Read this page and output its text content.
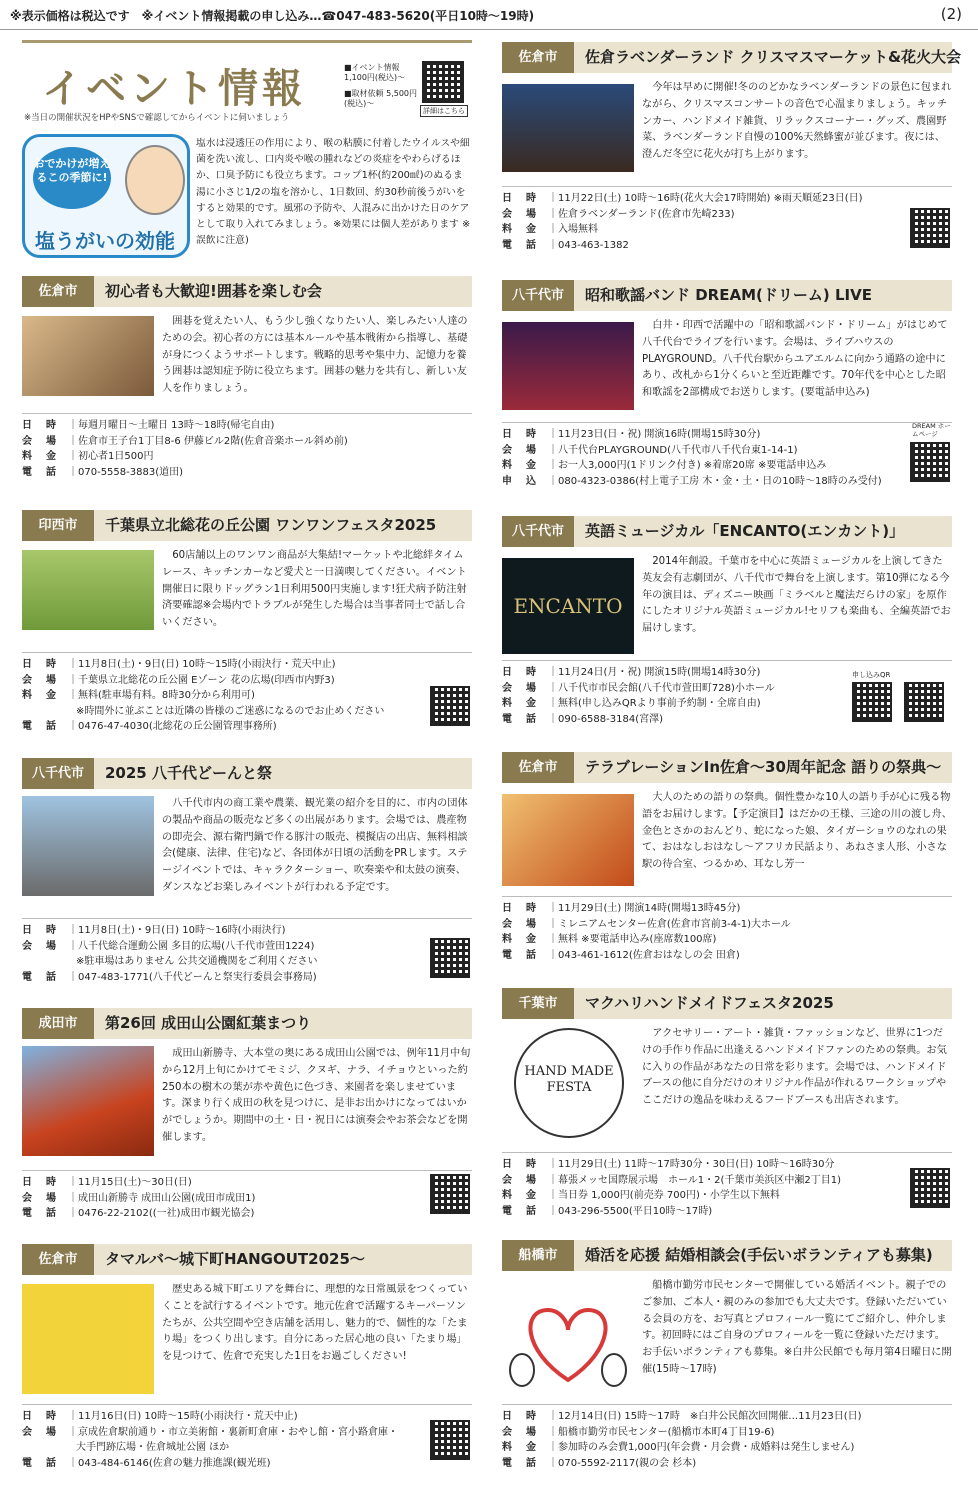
※表示価格は税込です　※イベント情報掲載の申し込み…☎047-483-5620(平日10時～19時)	(2)
イベント情報
※当日の開催状況をHPやSNSで確認してからイベントに伺いましょう
■イベント情報 1,100円(税込)～
■取材依頼 5,500円(税込)～
詳細はこちら
おでかけが増えるこの季節に!
塩うがいの効能
塩水は浸透圧の作用により、喉の粘膜に付着したウイルスや細菌を洗い流し、口内炎や喉の腫れなどの炎症をやわらげるほか、口臭予防にも役立ちます。コップ1杯(約200㎖)のぬるま湯に小さじ1/2の塩を溶かし、1日数回、約30秒前後うがいをすると効果的です。風邪の予防や、人混みに出かけた日のケアとして取り入れてみましょう。※効果には個人差があります ※誤飲に注意)
佐倉市	初心者も大歓迎!囲碁を楽しむ会
囲碁を覚えたい人、もう少し強くなりたい人、楽しみたい人達のための会。初心者の方には基本ルールや基本戦術から指導し、基礎が身につくようサポートします。戦略的思考や集中力、記憶力を養う囲碁は認知症予防に役立ちます。囲碁の魅力を共有し、新しい友人を作りましょう。
日　時 ｜毎週月曜日～土曜日 13時～18時(帰宅自由)
会　場 ｜佐倉市王子台1丁目8-6 伊藤ビル2階(佐倉音楽ホール斜め前)
料　金 ｜初心者1日500円
電　話 ｜070-5558-3883(道田)
印西市	千葉県立北総花の丘公園 ワンワンフェスタ2025
60店舗以上のワンワン商品が大集結!マーケットや北総絆タイムレース、キッチンカーなど愛犬と一日満喫してください。イベント開催日に限りドッグラン1日利用500円実施します!狂犬病予防注射済要確認※会場内でトラブルが発生した場合は当事者同士で話し合いください。
日　時 ｜11月8日(土)・9日(日) 10時～15時(小雨決行・荒天中止)
会　場 ｜千葉県立北総花の丘公園 Eゾーン 花の広場(印西市内野3)
料　金 ｜無料(駐車場有料。8時30分から利用可)
※時間外に並ぶことは近隣の皆様のご迷惑になるのでお止めください
電　話 ｜0476-47-4030(北総花の丘公園管理事務所)
八千代市	2025 八千代どーんと祭
八千代市内の商工業や農業、観光業の紹介を目的に、市内の団体の製品や商品の販売など多くの出展があります。会場では、農産物の即売会、源右衛門鍋で作る豚汁の販売、模擬店の出店、無料相談会(健康、法律、住宅)など、各団体が日頃の活動をPRします。ステージイベントでは、キャラクターショー、吹奏楽や和太鼓の演奏、ダンスなどお楽しみイベントが行われる予定です。
日　時 ｜11月8日(土)・9日(日) 10時～16時(小雨決行)
会　場 ｜八千代総合運動公園 多目的広場(八千代市萱田1224)
※駐車場はありません 公共交通機関をご利用ください
電　話 ｜047-483-1771(八千代どーんと祭実行委員会事務局)
成田市	第26回 成田山公園紅葉まつり
成田山新勝寺、大本堂の奥にある成田山公園では、例年11月中旬から12月上旬にかけてモミジ、クヌギ、ナラ、イチョウといった約250本の樹木の葉が赤や黄色に色づき、来園者を楽しませています。深まり行く成田の秋を見つけに、是非お出かけになってはいかがでしょうか。期間中の土・日・祝日には演奏会やお茶会などを開催します。
日　時 ｜11月15日(土)～30日(日)
会　場 ｜成田山新勝寺 成田山公園(成田市成田1)
電　話 ｜0476-22-2102((一社)成田市観光協会)
佐倉市	タマルバ～城下町HANGOUT2025～
歴史ある城下町エリアを舞台に、理想的な日常風景をつくっていくことを試行するイベントです。地元佐倉で活躍するキーパーソンたちが、公共空間や空き店舗を活用し、魅力的で、個性的な「たまり場」をつくり出します。自分にあった居心地の良い「たまり場」を見つけて、佐倉で充実した1日をお過ごしください!
日　時 ｜11月16日(日) 10時～15時(小雨決行・荒天中止)
会　場 ｜京成佐倉駅前通り・市立美術館・裏新町倉庫・おやし館・宮小路倉庫・
大手門跡広場・佐倉城址公園 ほか
電　話 ｜043-484-6146(佐倉の魅力推進課(観光班)
佐倉市	佐倉ラベンダーランド クリスマスマーケット&花火大会
今年は早めに開催!冬ののどかなラベンダーランドの景色に包まれながら、クリスマスコンサートの音色で心温まりましょう。キッチンカー、ハンドメイド雑貨、リラックスコーナー・グッズ、農園野菜、ラベンダーランド自慢の100%天然蜂蜜が並びます。夜には、澄んだ冬空に花火が打ち上がります。
日　時 ｜11月22日(土) 10時～16時(花火大会17時開始) ※雨天順延23日(日)
会　場 ｜佐倉ラベンダーランド(佐倉市先崎233)
料　金 ｜入場無料
電　話 ｜043-463-1382
八千代市	昭和歌謡バンド DREAM(ドリーム) LIVE
白井・印西で活躍中の「昭和歌謡バンド・ドリーム」がはじめて八千代台でライブを行います。会場は、ライブハウスのPLAYGROUND。八千代台駅からユアエルムに向かう通路の途中にあり、改札から1分くらいと至近距離です。70年代を中心とした昭和歌謡を2部構成でお送りします。(要電話申込み)
日　時 ｜11月23日(日・祝) 開演16時(開場15時30分)
会　場 ｜八千代台PLAYGROUND(八千代市八千代台東1-14-1)
料　金 ｜お一人3,000円(1ドリンク付き) ※着席20席 ※要電話申込み
申　込 ｜080-4323-0386(村上電子工房 木・金・土・日の10時～18時のみ受付)
DREAM ホームページ
八千代市	英語ミュージカル「ENCANTO(エンカント)」
ENCANTO
2014年創設。千葉市を中心に英語ミュージカルを上演してきた英友会有志劇団が、八千代市で舞台を上演します。第10弾になる今年の演目は、ディズニー映画「ミラベルと魔法だらけの家」を原作にしたオリジナル英語ミュージカル!セリフも楽曲も、全編英語でお届けします。
日　時 ｜11月24日(月・祝) 開演15時(開場14時30分)
会　場 ｜八千代市市民会館(八千代市萱田町728)小ホール
料　金 ｜無料(申し込みQRより事前予約制・全席自由)
電　話 ｜090-6588-3184(宮澤)
申し込みQR
佐倉市	テラブレーションIn佐倉～30周年記念 語りの祭典～
大人のための語りの祭典。個性豊かな10人の語り手が心に残る物語をお届けします。【予定演目】はだかの王様、三途の川の渡し舟、金色とさかのおんどり、蛇になった娘、タイガーショウのなれの果て、おはなしおはなし～アフリカ民話より、あねさま人形、小さな駅の待合室、つるかめ、耳なし芳一
日　時 ｜11月29日(土) 開演14時(開場13時45分)
会　場 ｜ミレニアムセンター佐倉(佐倉市宮前3-4-1)大ホール
料　金 ｜無料 ※要電話申込み(座席数100席)
電　話 ｜043-461-1612(佐倉おはなしの会 田倉)
千葉市	マクハリハンドメイドフェスタ2025
HAND MADE FESTA
アクセサリー・アート・雑貨・ファッションなど、世界に1つだけの手作り作品に出逢えるハンドメイドファンのための祭典。お気に入りの作品があなたの日常を彩ります。会場では、ハンドメイドブースの他に自分だけのオリジナル作品が作れるワークショップやここだけの逸品を味わえるフードブースも出店されます。
日　時 ｜11月29日(土) 11時～17時30分・30日(日) 10時～16時30分
会　場 ｜幕張メッセ国際展示場　ホール1・2(千葉市美浜区中瀬2丁目1)
料　金 ｜当日券 1,000円(前売券 700円)・小学生以下無料
電　話 ｜043-296-5500(平日10時～17時)
船橋市	婚活を応援 結婚相談会(手伝いボランティアも募集)
船橋市勤労市民センターで開催している婚活イベント。親子でのご参加、ご本人・親のみの参加でも大丈夫です。登録いただいている会員の方を、お写真とプロフィール一覧にてご紹介し、仲介します。初回時にはご自身のプロフィールを一覧に登録いただけます。お手伝いボランティアも募集。※白井公民館でも毎月第4日曜日に開催(15時～17時)
日　時 ｜12月14日(日) 15時～17時　※白井公民館次回開催…11月23日(日)
会　場 ｜船橋市勤労市民センター(船橋市本町4丁目19-6)
料　金 ｜参加時のみ会費1,000円(年会費・月会費・成婚料は発生しません)
電　話 ｜070-5592-2117(親の会 杉本)
